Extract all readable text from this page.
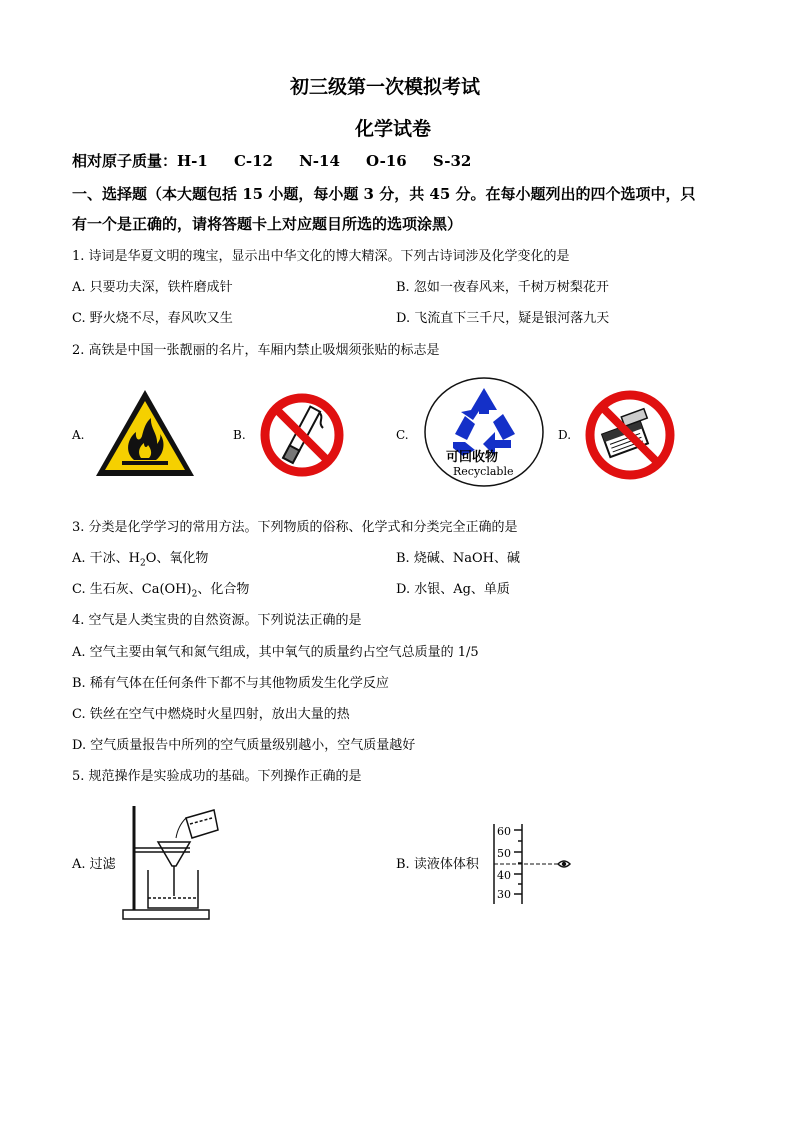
初三级第一次模拟考试
化学试卷
相对原子质量：H-1     C-12     N-14     O-16     S-32
一、选择题（本大题包括 15 小题，每小题 3 分，共 45 分。在每小题列出的四个选项中，只
有一个是正确的，请将答题卡上对应题目所选的选项涂黑）
1. 诗词是华夏文明的瑰宝，显示出中华文化的博大精深。下列古诗词涉及化学变化的是
A. 只要功夫深，铁杵磨成针	B. 忽如一夜春风来，千树万树梨花开
C. 野火烧不尽，春风吹又生	D. 飞流直下三千尺，疑是银河落九天
2. 高铁是中国一张靓丽的名片，车厢内禁止吸烟须张贴的标志是
A.	B.	C.
可回收物
Recyclable
D.
3. 分类是化学学习的常用方法。下列物质的俗称、化学式和分类完全正确的是
A. 干冰、$H_2O$、氧化物	B. 烧碱、NaOH、碱
C. 生石灰、$Ca(OH)_2$、化合物	D. 水银、Ag、单质
4. 空气是人类宝贵的自然资源。下列说法正确的是
A. 空气主要由氧气和氮气组成，其中氧气的质量约占空气总质量的 1/5
B. 稀有气体在任何条件下都不与其他物质发生化学反应
C. 铁丝在空气中燃烧时火星四射，放出大量的热
D. 空气质量报告中所列的空气质量级别越小，空气质量越好
5. 规范操作是实验成功的基础。下列操作正确的是
A. 过滤	B. 读液体体积
60
50
40
30
